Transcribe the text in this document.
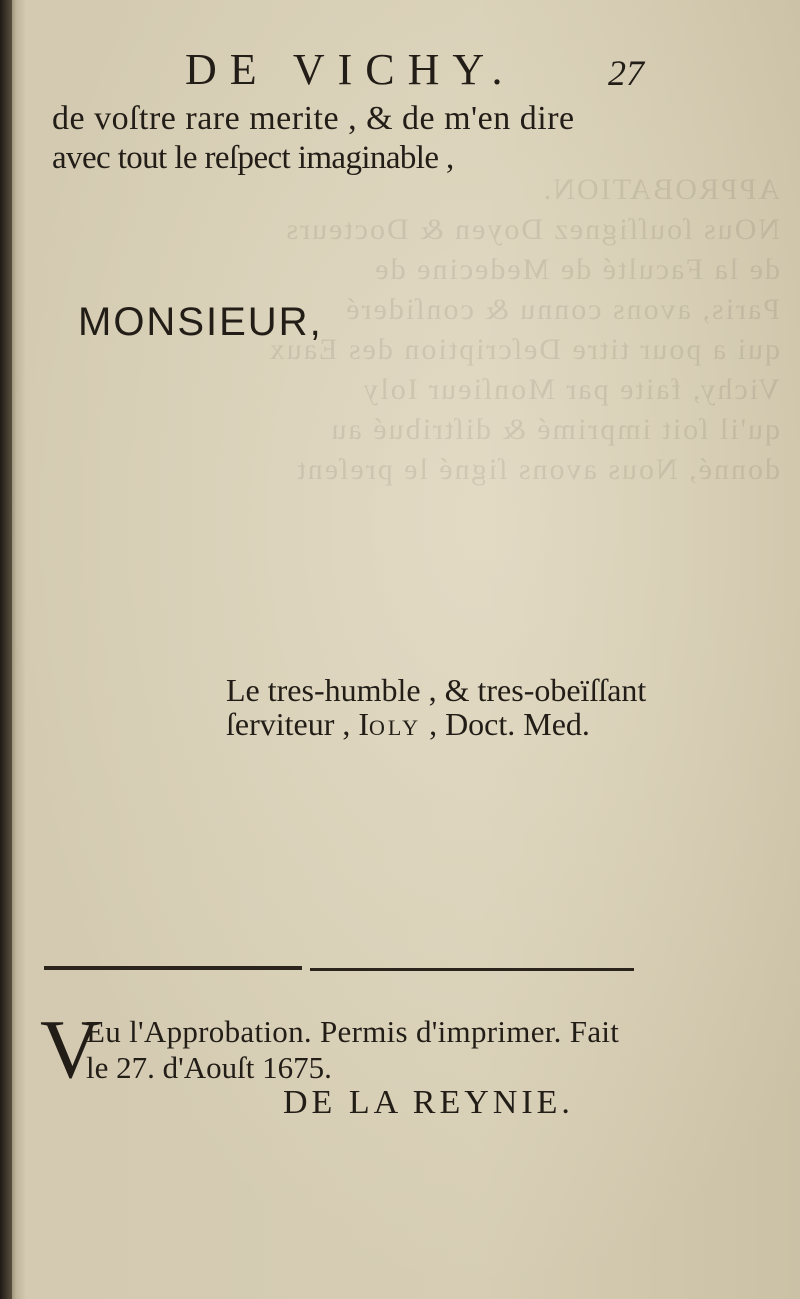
APPROBATION.
NOus ſouſſignez Doyen & Docteurs
de la Faculté de Medecine de
Paris, avons connu & conſideré
qui a pour titre Deſcription des Eaux
Vichy, faite par Monſieur Ioly
qu'il ſoit imprimé & diſtribué au
donné, Nous avons ſigné le preſent
DE VICHY.	27
de voſtre rare merite , & de m'en dire
avec tout le reſpect imaginable ,
MONSIEUR,
Le tres-humble , & tres-obeïſſant
ſerviteur , IOLY , Doct. Med.
V
Eu l'Approbation. Permis d'imprimer. Fait
le 27. d'Aouſt 1675.
DE LA REYNIE.
